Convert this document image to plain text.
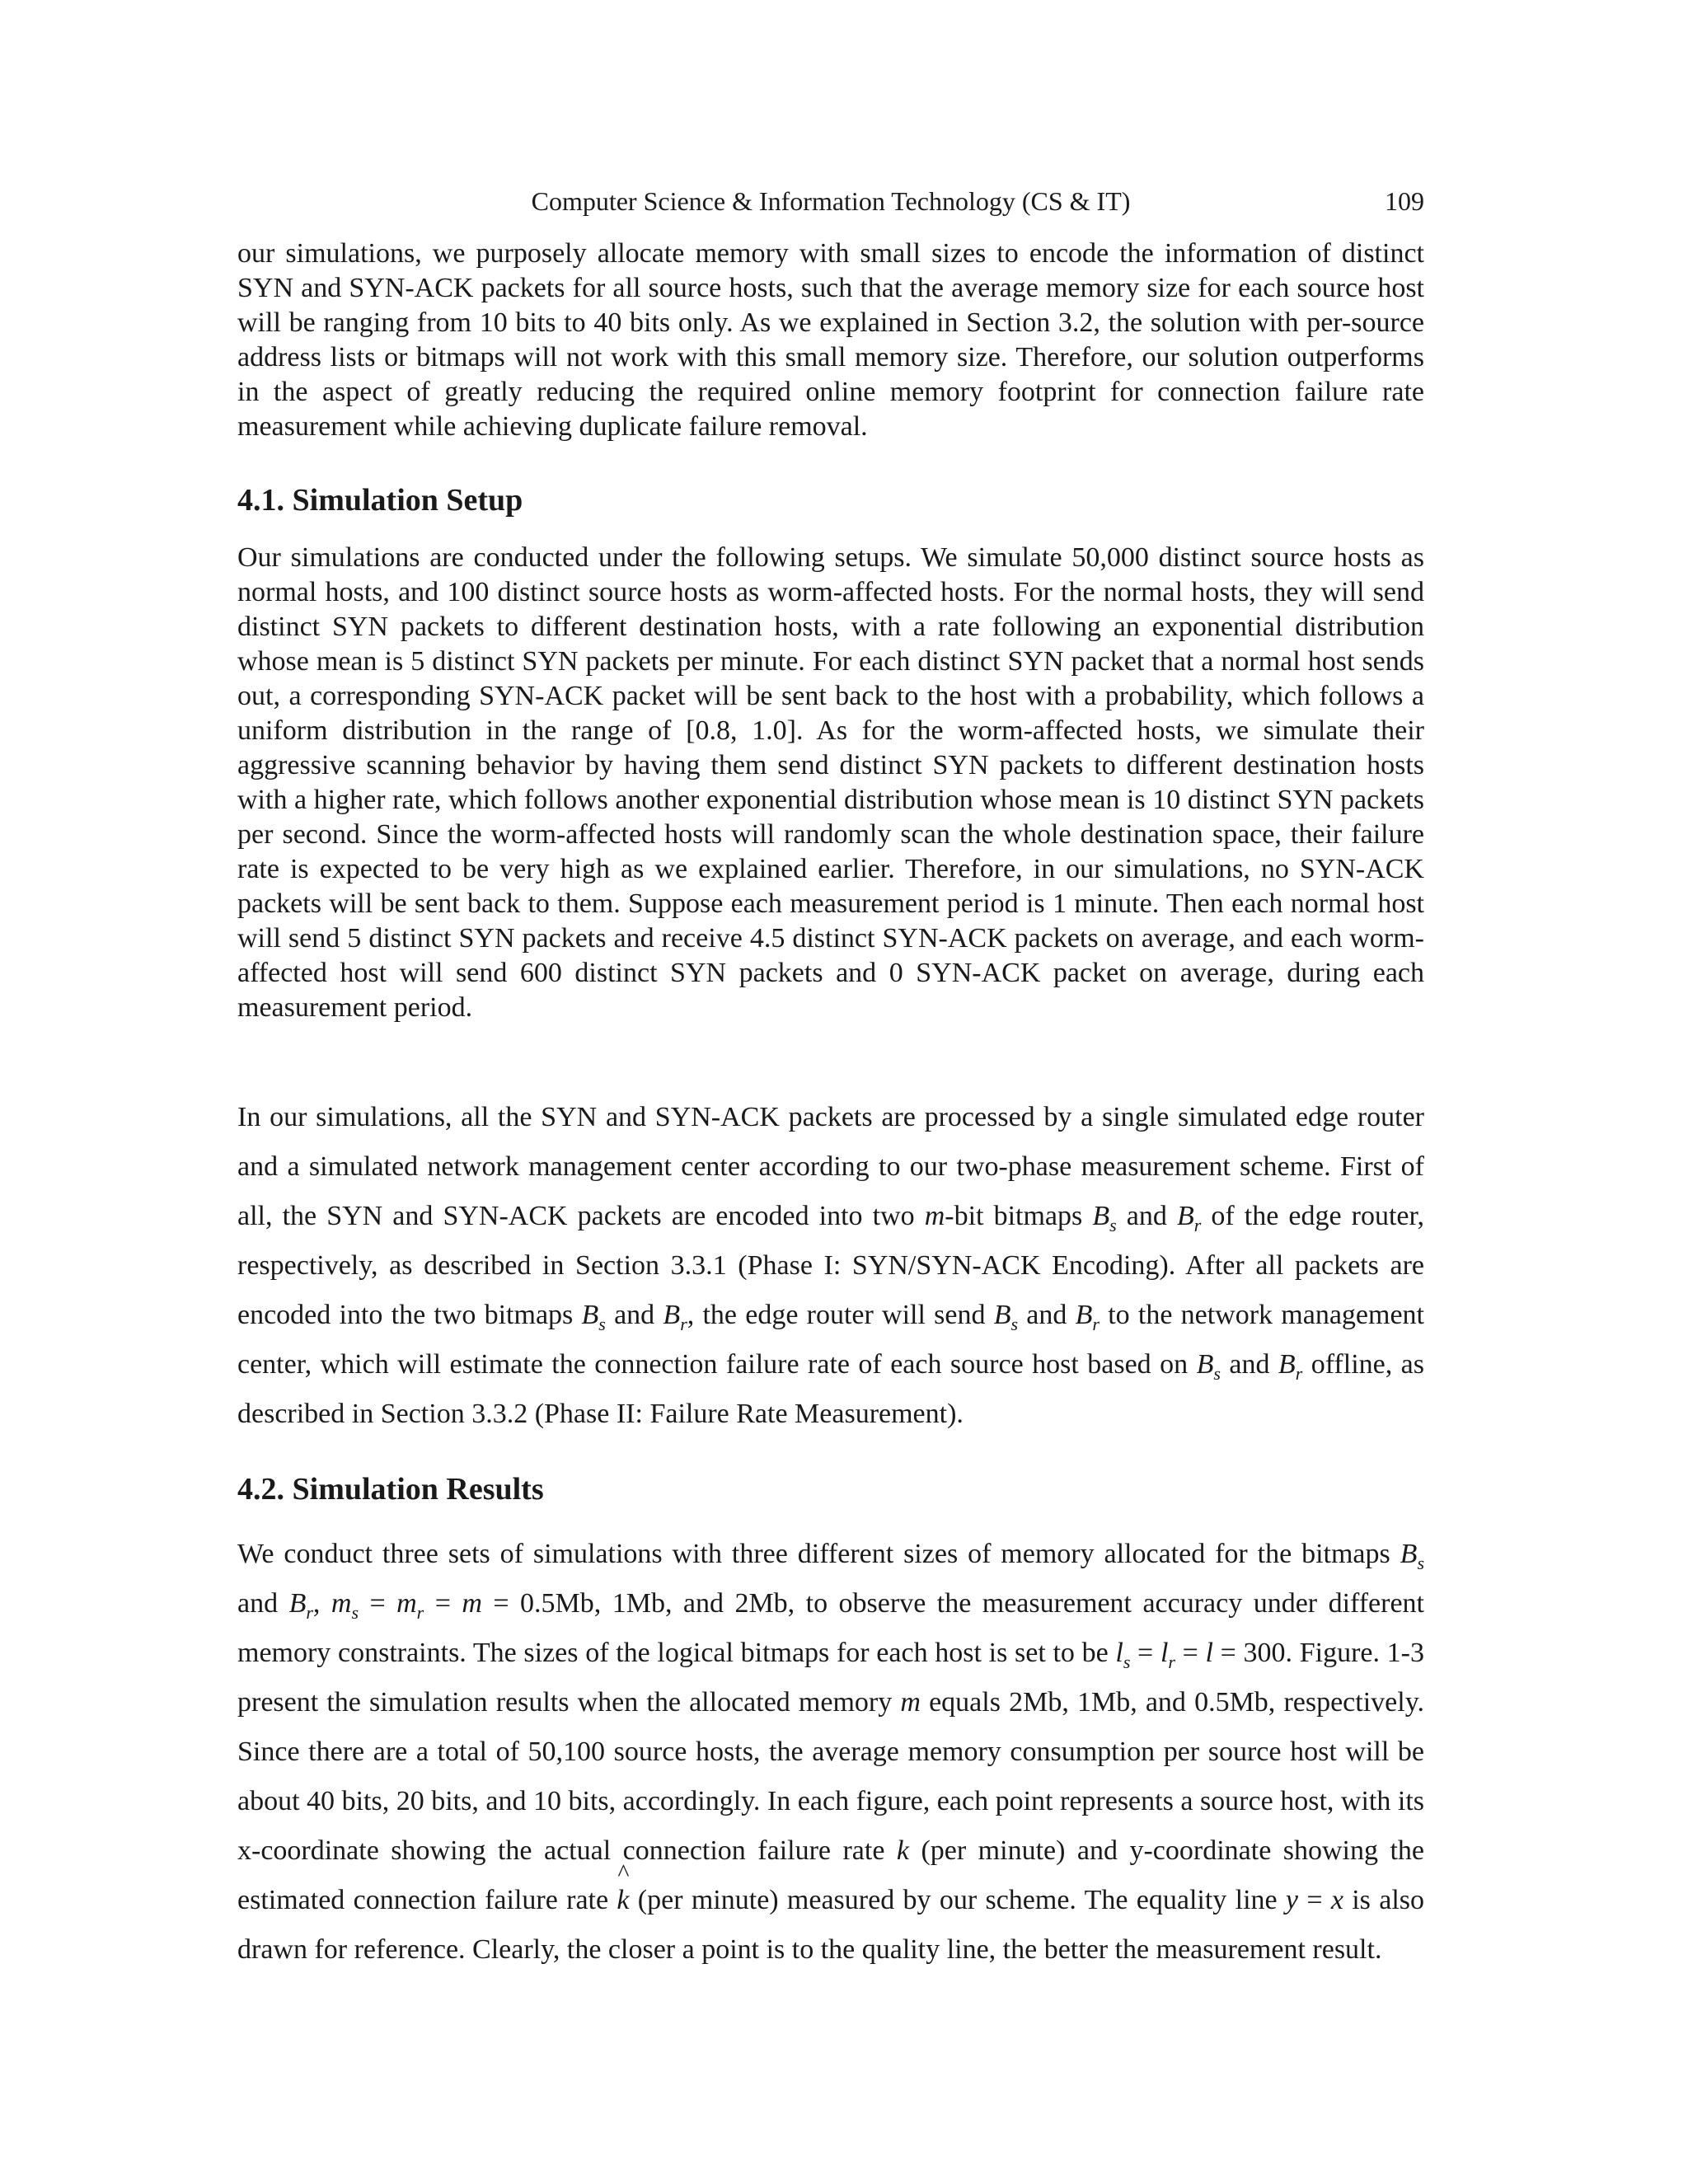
Computer Science & Information Technology (CS & IT)	109

our simulations, we purposely allocate memory with small sizes to encode the information of distinct SYN and SYN-ACK packets for all source hosts, such that the average memory size for each source host will be ranging from 10 bits to 40 bits only. As we explained in Section 3.2, the solution with per-source address lists or bitmaps will not work with this small memory size. Therefore, our solution outperforms in the aspect of greatly reducing the required online memory footprint for connection failure rate measurement while achieving duplicate failure removal.

4.1. Simulation Setup

Our simulations are conducted under the following setups. We simulate 50,000 distinct source hosts as normal hosts, and 100 distinct source hosts as worm-affected hosts. For the normal hosts, they will send distinct SYN packets to different destination hosts, with a rate following an exponential distribution whose mean is 5 distinct SYN packets per minute. For each distinct SYN packet that a normal host sends out, a corresponding SYN-ACK packet will be sent back to the host with a probability, which follows a uniform distribution in the range of [0.8, 1.0]. As for the worm-affected hosts, we simulate their aggressive scanning behavior by having them send distinct SYN packets to different destination hosts with a higher rate, which follows another exponential distribution whose mean is 10 distinct SYN packets per second. Since the worm-affected hosts will randomly scan the whole destination space, their failure rate is expected to be very high as we explained earlier. Therefore, in our simulations, no SYN-ACK packets will be sent back to them. Suppose each measurement period is 1 minute. Then each normal host will send 5 distinct SYN packets and receive 4.5 distinct SYN-ACK packets on average, and each worm-affected host will send 600 distinct SYN packets and 0 SYN-ACK packet on average, during each measurement period.

In our simulations, all the SYN and SYN-ACK packets are processed by a single simulated edge router and a simulated network management center according to our two-phase measurement scheme. First of all, the SYN and SYN-ACK packets are encoded into two m-bit bitmaps $B_s$ and $B_r$ of the edge router, respectively, as described in Section 3.3.1 (Phase I: SYN/SYN-ACK Encoding). After all packets are encoded into the two bitmaps $B_s$ and $B_r$, the edge router will send $B_s$ and $B_r$ to the network management center, which will estimate the connection failure rate of each source host based on $B_s$ and $B_r$ offline, as described in Section 3.3.2 (Phase II: Failure Rate Measurement).

4.2. Simulation Results

We conduct three sets of simulations with three different sizes of memory allocated for the bitmaps $B_s$ and $B_r$, $m_s = m_r = m = 0.5Mb$, 1Mb, and 2Mb, to observe the measurement accuracy under different memory constraints. The sizes of the logical bitmaps for each host is set to be $l_s = l_r = l = 300$. Figure. 1-3 present the simulation results when the allocated memory m equals 2Mb, 1Mb, and 0.5Mb, respectively. Since there are a total of 50,100 source hosts, the average memory consumption per source host will be about 40 bits, 20 bits, and 10 bits, accordingly. In each figure, each point represents a source host, with its x-coordinate showing the actual connection failure rate k (per minute) and y-coordinate showing the estimated connection failure rate
^
k (per minute) measured by our scheme. The equality line y = x is also drawn for reference. Clearly, the closer a point is to the quality line, the better the measurement result.
